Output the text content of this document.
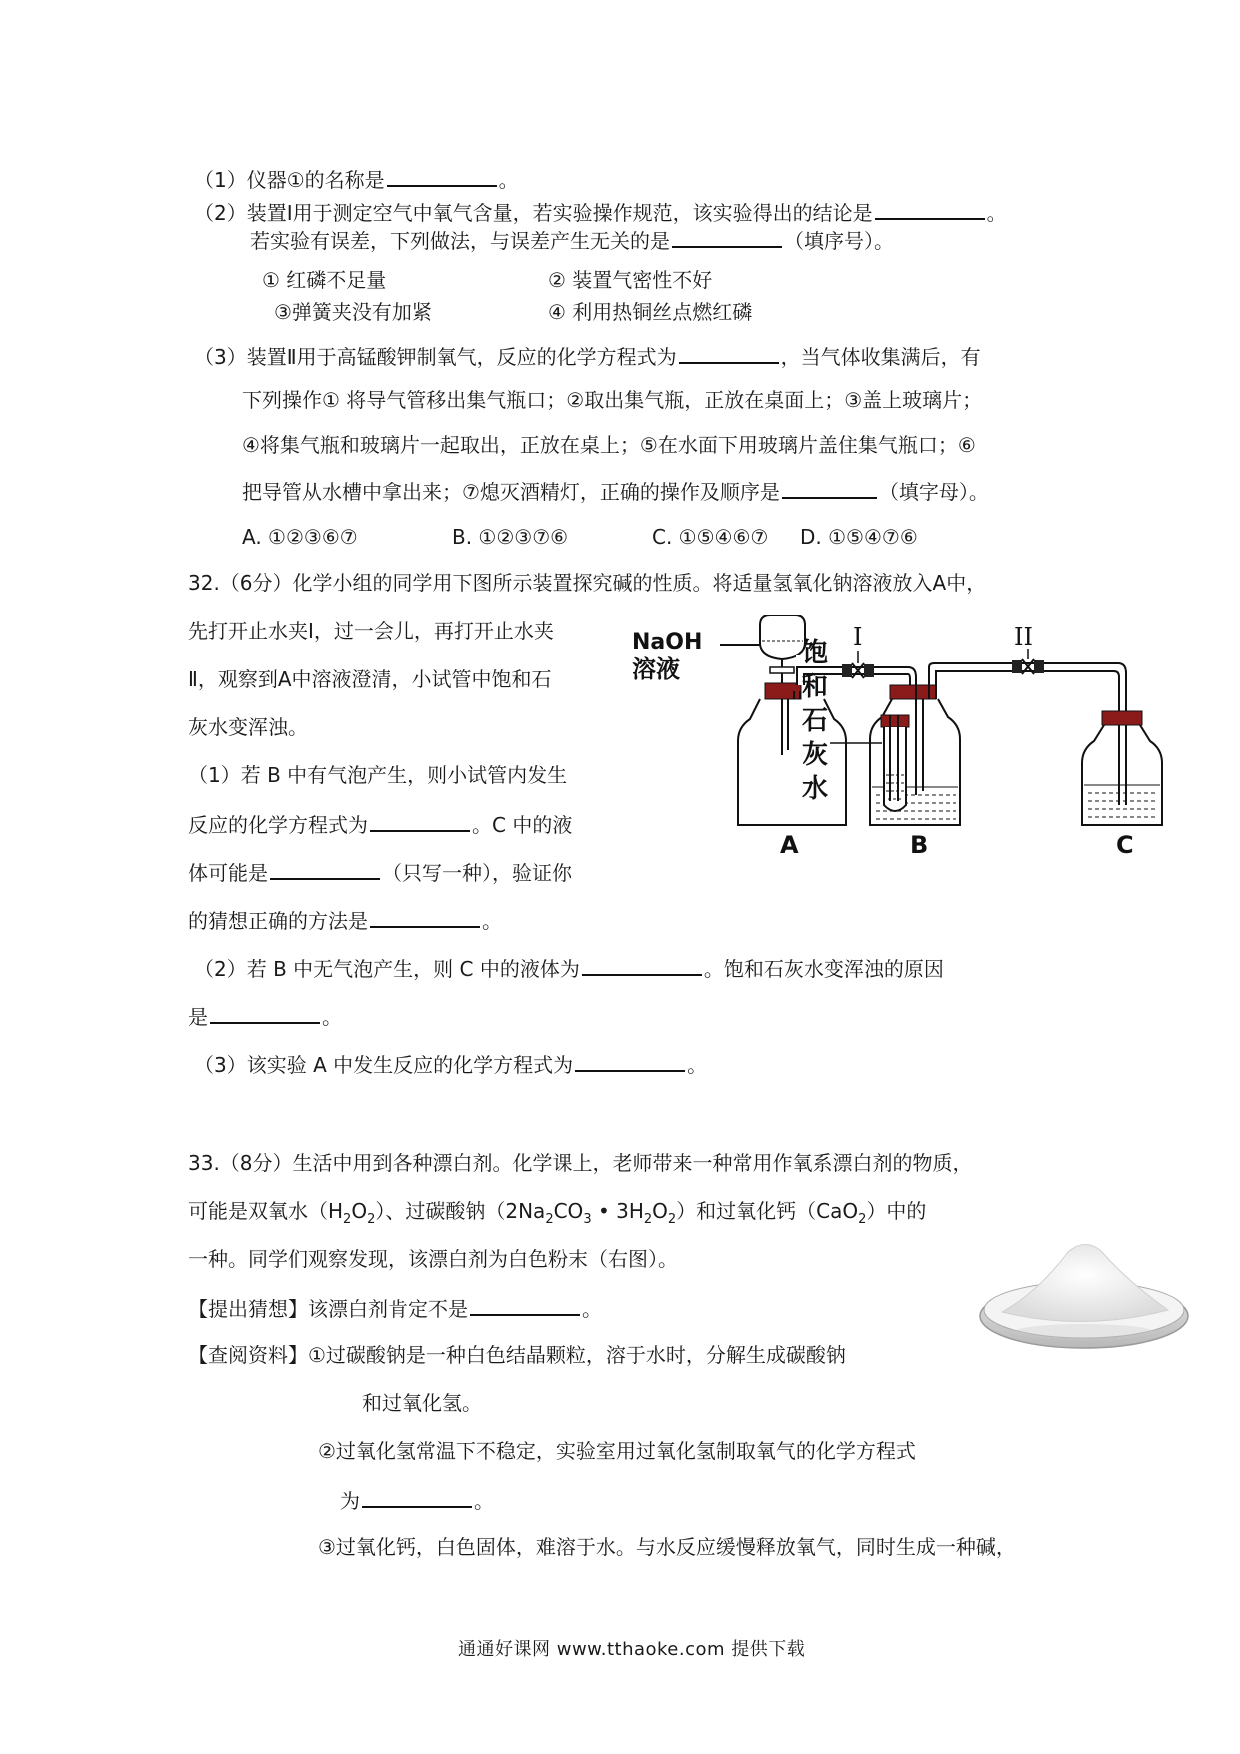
（1）仪器①的名称是	。
（2）装置Ⅰ用于测定空气中氧气含量，若实验操作规范，该实验得出的结论是	。
若实验有误差，下列做法，与误差产生无关的是	（填序号）。
① 红磷不足量	② 装置气密性不好
③弹簧夹没有加紧	④ 利用热铜丝点燃红磷
（3）装置Ⅱ用于高锰酸钾制氧气，反应的化学方程式为	，当气体收集满后，有
下列操作① 将导气管移出集气瓶口；②取出集气瓶，正放在桌面上；③盖上玻璃片；
④将集气瓶和玻璃片一起取出，正放在桌上；⑤在水面下用玻璃片盖住集气瓶口；⑥
把导管从水槽中拿出来；⑦熄灭酒精灯，正确的操作及顺序是	（填字母）。
A. ①②③⑥⑦	B. ①②③⑦⑥	C. ①⑤④⑥⑦ D. ①⑤④⑦⑥
32.（6分）化学小组的同学用下图所示装置探究碱的性质。将适量氢氧化钠溶液放入A中，
先打开止水夹Ⅰ，过一会儿，再打开止水夹
Ⅱ，观察到A中溶液澄清，小试管中饱和石
灰水变浑浊。
（1）若 B 中有气泡产生，则小试管内发生
反应的化学方程式为	。C 中的液
体可能是	（只写一种），验证你
的猜想正确的方法是	。
（2）若 B 中无气泡产生，则 C 中的液体为	。饱和石灰水变浑浊的原因
是	。
（3）该实验 A 中发生反应的化学方程式为	。
NaOH
溶液
A
I	II
饱
和
石
灰
水
B	C
33.（8分）生活中用到各种漂白剂。化学课上，老师带来一种常用作氧系漂白剂的物质，
可能是双氧水$(H_2O_2)$、过碳酸钠（$2Na_2CO_3$ • $3H_2O_2$）和过氧化钙（CaO$_2$）中的
一种。同学们观察发现，该漂白剂为白色粉末（右图）。
【提出猜想】该漂白剂肯定不是	。
【查阅资料】①过碳酸钠是一种白色结晶颗粒，溶于水时，分解生成碳酸钠
和过氧化氢。
②过氧化氢常温下不稳定，实验室用过氧化氢制取氧气的化学方程式
为	。
③过氧化钙，白色固体，难溶于水。与水反应缓慢释放氧气，同时生成一种碱，
通通好课网 www.tthaoke.com 提供下载
